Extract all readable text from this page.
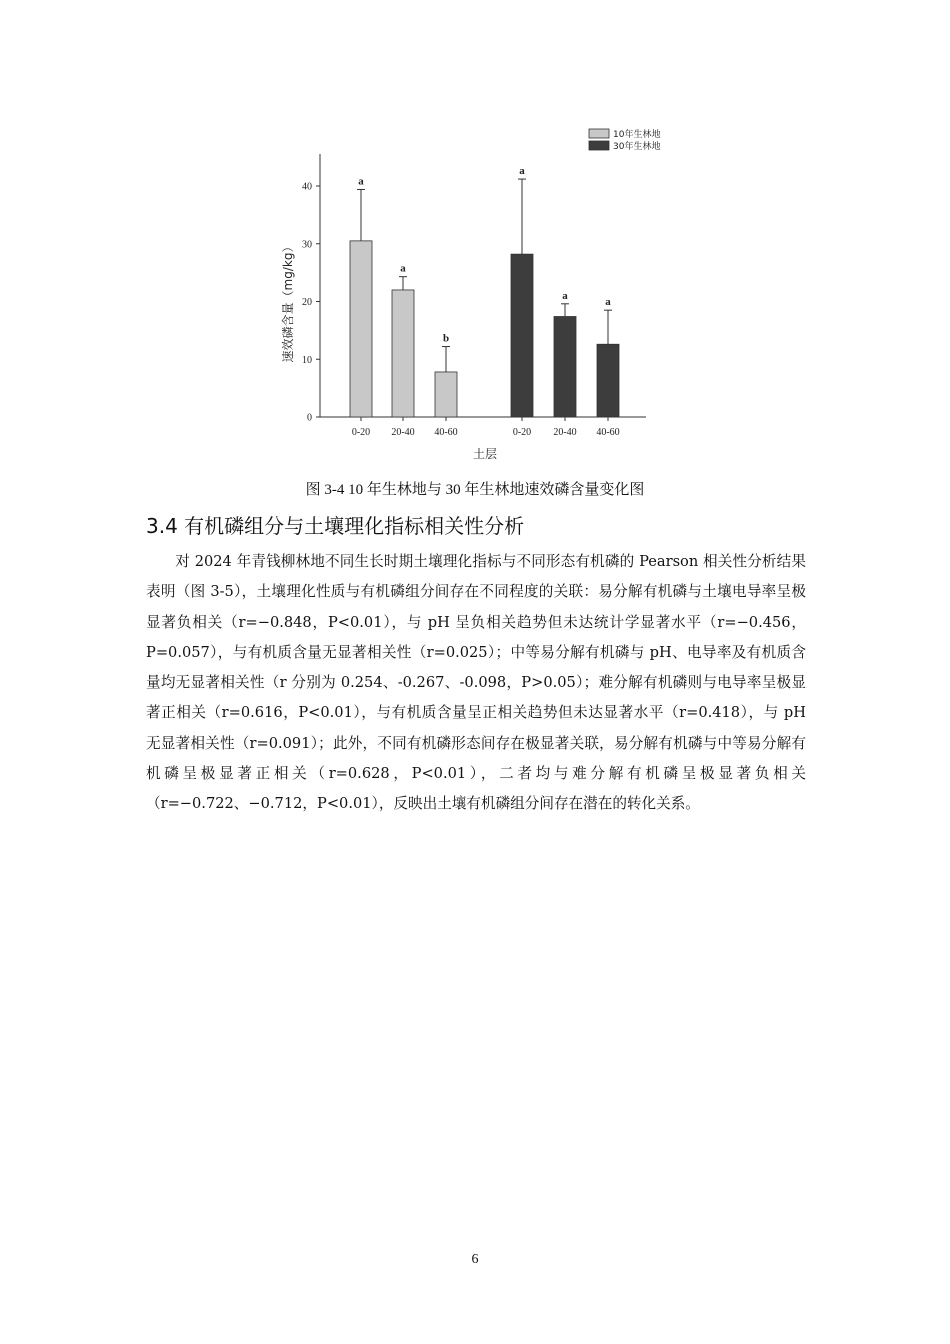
0
10
20
30
40
速效磷含量（mg/kg）
a
0-20
a
20-40
b
40-60
a
0-20
a
20-40
a
40-60
土层
10年生林地
30年生林地
图 3-4 10 年生林地与 30 年生林地速效磷含量变化图
3.4 有机磷组分与土壤理化指标相关性分析

对 2024 年青钱柳林地不同生长时期土壤理化指标与不同形态有机磷的 Pearson 相关性分析结果表明（图 3-5），土壤理化性质与有机磷组分间存在不同程度的关联：易分解有机磷与土壤电导率呈极显著负相关（r=−0.848，P<0.01），与 pH 呈负相关趋势但未达统计学显著水平（r=−0.456，P=0.057），与有机质含量无显著相关性（r=0.025）；中等易分解有机磷与 pH、电导率及有机质含量均无显著相关性（r 分别为 0.254、-0.267、-0.098，P>0.05）；难分解有机磷则与电导率呈极显著正相关（r=0.616，P<0.01），与有机质含量呈正相关趋势但未达显著水平（r=0.418），与 pH 无显著相关性（r=0.091）；此外，不同有机磷形态间存在极显著关联，易分解有机磷与中等易分解有机磷呈极显著正相关（r=0.628，P<0.01），二者均与难分解有机磷呈极显著负相关（r=−0.722、−0.712，P<0.01），反映出土壤有机磷组分间存在潜在的转化关系。

6
